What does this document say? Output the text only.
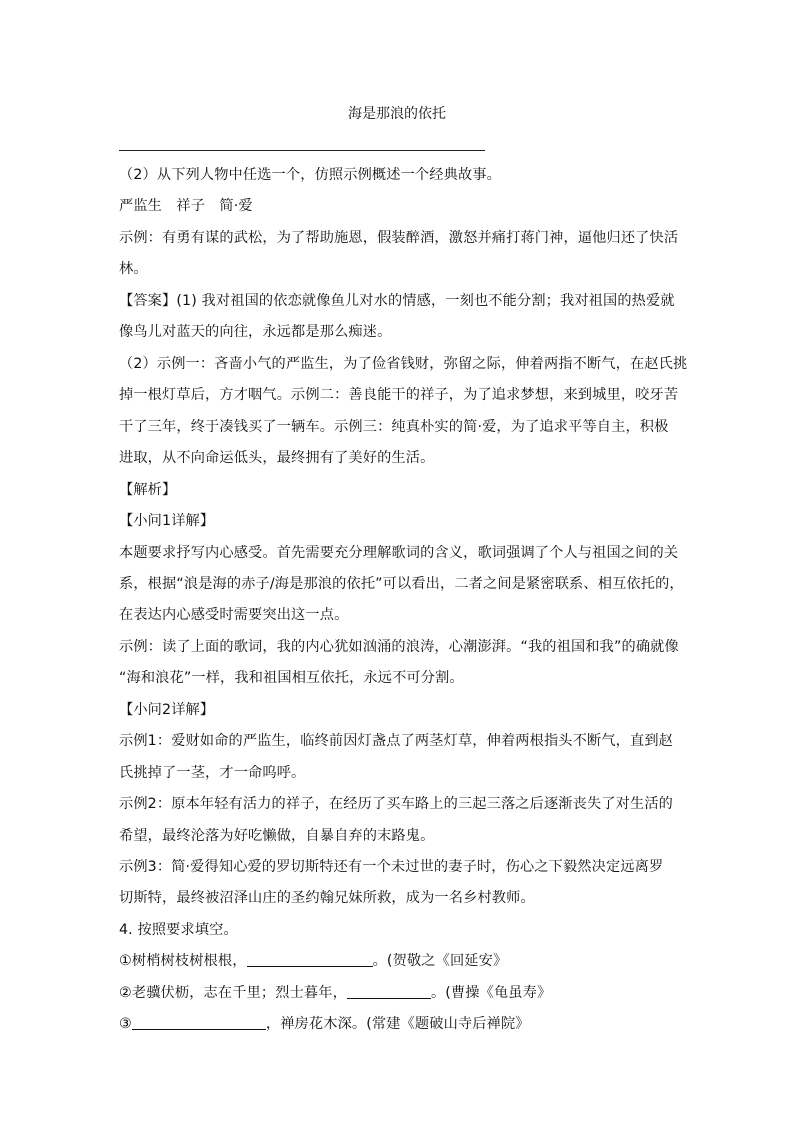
海是那浪的依托
（2）从下列人物中任选一个，仿照示例概述一个经典故事。
严监生　祥子　简·爱
示例：有勇有谋的武松，为了帮助施恩，假装醉酒，激怒并痛打蒋门神，逼他归还了快活
林。
【答案】(1) 我对祖国的依恋就像鱼儿对水的情感，一刻也不能分割；我对祖国的热爱就
像鸟儿对蓝天的向往，永远都是那么痴迷。
（2）示例一：吝啬小气的严监生，为了俭省钱财，弥留之际，伸着两指不断气，在赵氏挑
掉一根灯草后，方才咽气。示例二：善良能干的祥子，为了追求梦想，来到城里，咬牙苦
干了三年，终于凑钱买了一辆车。示例三：纯真朴实的简·爱，为了追求平等自主，积极
进取，从不向命运低头，最终拥有了美好的生活。
【解析】
【小问1详解】
本题要求抒写内心感受。首先需要充分理解歌词的含义，歌词强调了个人与祖国之间的关
系，根据“浪是海的赤子/海是那浪的依托”可以看出，二者之间是紧密联系、相互依托的，
在表达内心感受时需要突出这一点。
示例：读了上面的歌词，我的内心犹如汹涌的浪涛，心潮澎湃。“我的祖国和我”的确就像
“海和浪花”一样，我和祖国相互依托，永远不可分割。
【小问2详解】
示例1：爱财如命的严监生，临终前因灯盏点了两茎灯草，伸着两根指头不断气，直到赵
氏挑掉了一茎，才一命呜呼。
示例2：原本年轻有活力的祥子，在经历了买车路上的三起三落之后逐渐丧失了对生活的
希望，最终沦落为好吃懒做，自暴自弃的末路鬼。
示例3：简·爱得知心爱的罗切斯特还有一个未过世的妻子时，伤心之下毅然决定远离罗
切斯特，最终被沼泽山庄的圣约翰兄妹所救，成为一名乡村教师。
4. 按照要求填空。
①树梢树枝树根根，	。(贺敬之《回延安》
②老骥伏枥，志在千里；烈士暮年，	。(曹操《龟虽寿》
③	，禅房花木深。(常建《题破山寺后禅院》
